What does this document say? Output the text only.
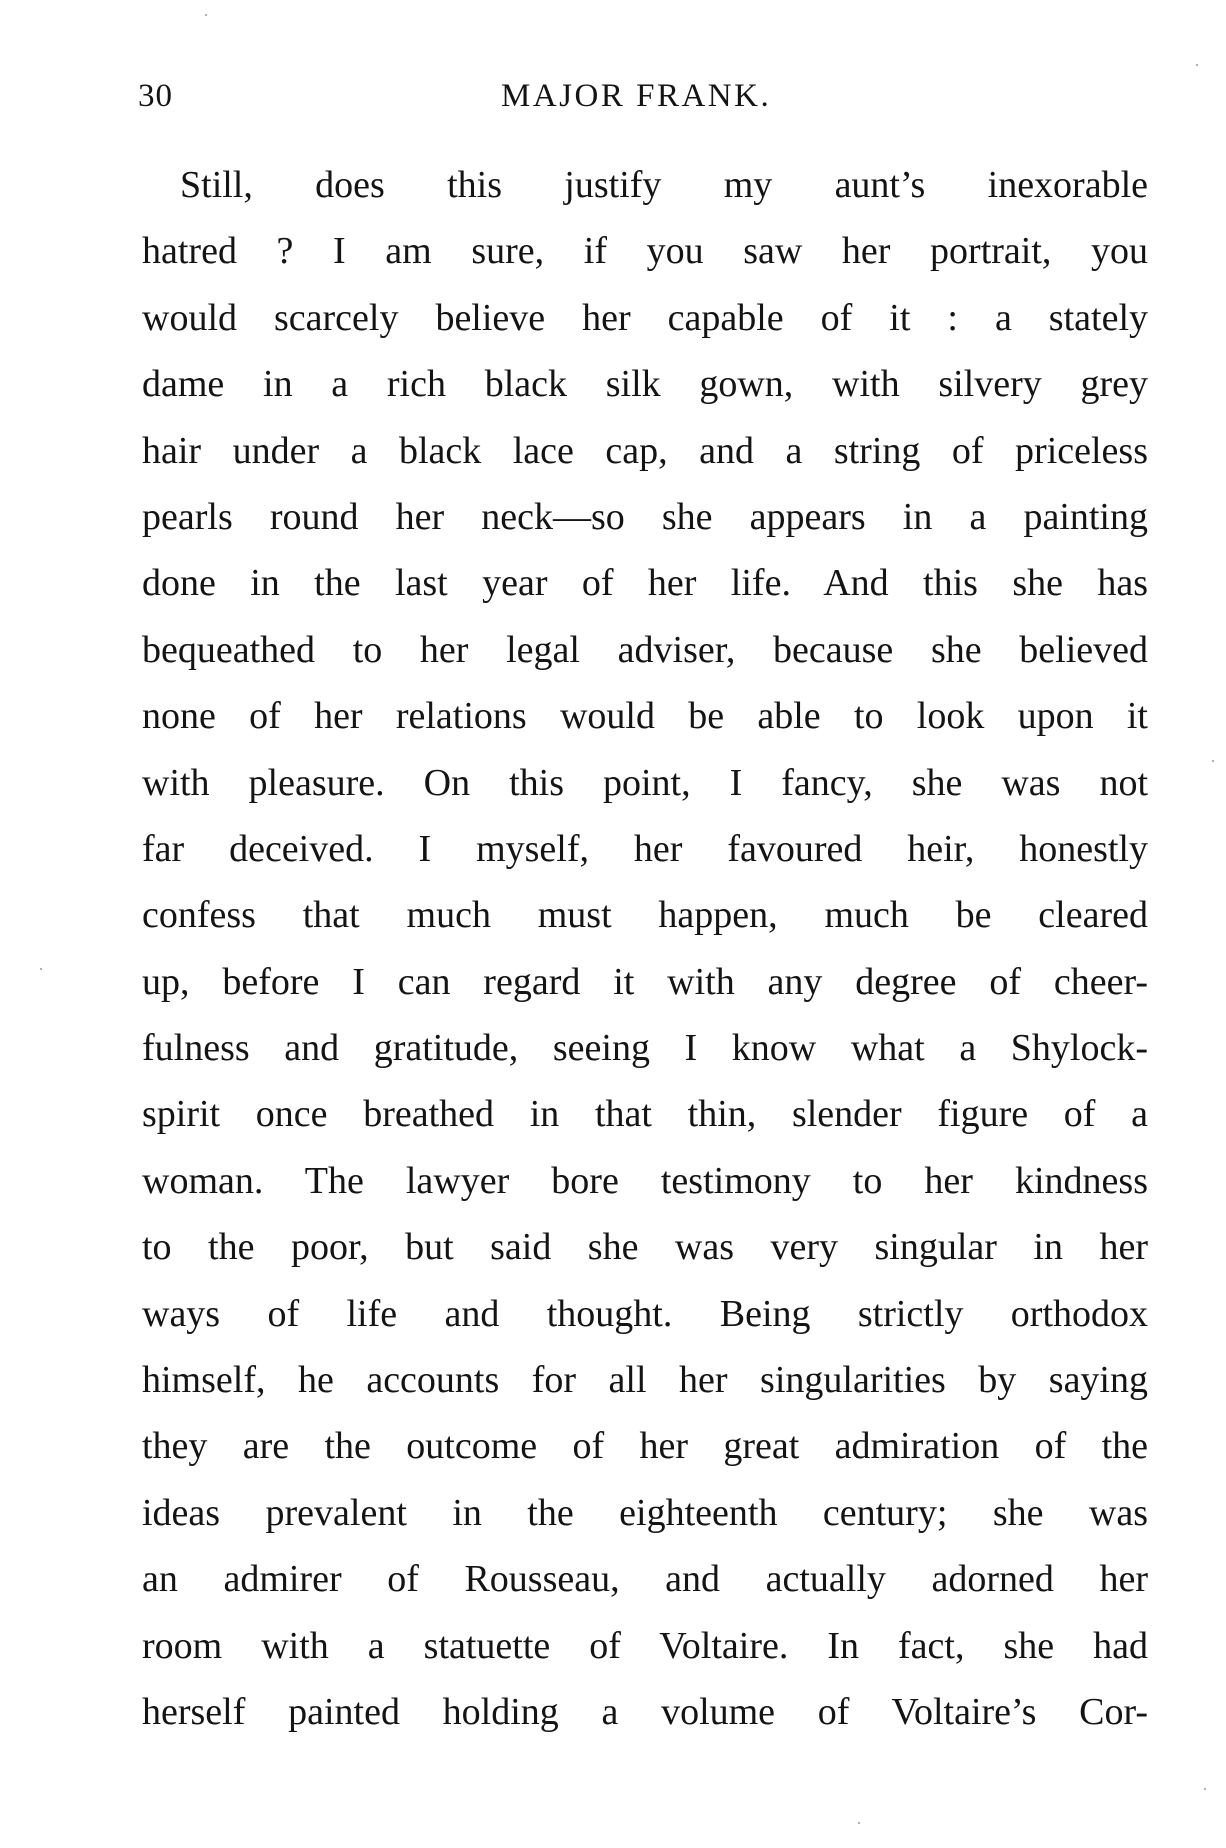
30	MAJOR FRANK.
Still, does this justify my aunt’s inexorable
hatred ? I am sure, if you saw her portrait, you
would scarcely believe her capable of it : a stately
dame in a rich black silk gown, with silvery grey
hair under a black lace cap, and a string of priceless
pearls round her neck—so she appears in a painting
done in the last year of her life. And this she has
bequeathed to her legal adviser, because she believed
none of her relations would be able to look upon it
with pleasure. On this point, I fancy, she was not
far deceived. I myself, her favoured heir, honestly
confess that much must happen, much be cleared
up, before I can regard it with any degree of cheer-
fulness and gratitude, seeing I know what a Shylock-
spirit once breathed in that thin, slender figure of a
woman. The lawyer bore testimony to her kindness
to the poor, but said she was very singular in her
ways of life and thought. Being strictly orthodox
himself, he accounts for all her singularities by saying
they are the outcome of her great admiration of the
ideas prevalent in the eighteenth century; she was
an admirer of Rousseau, and actually adorned her
room with a statuette of Voltaire. In fact, she had
herself painted holding a volume of Voltaire’s Cor-
